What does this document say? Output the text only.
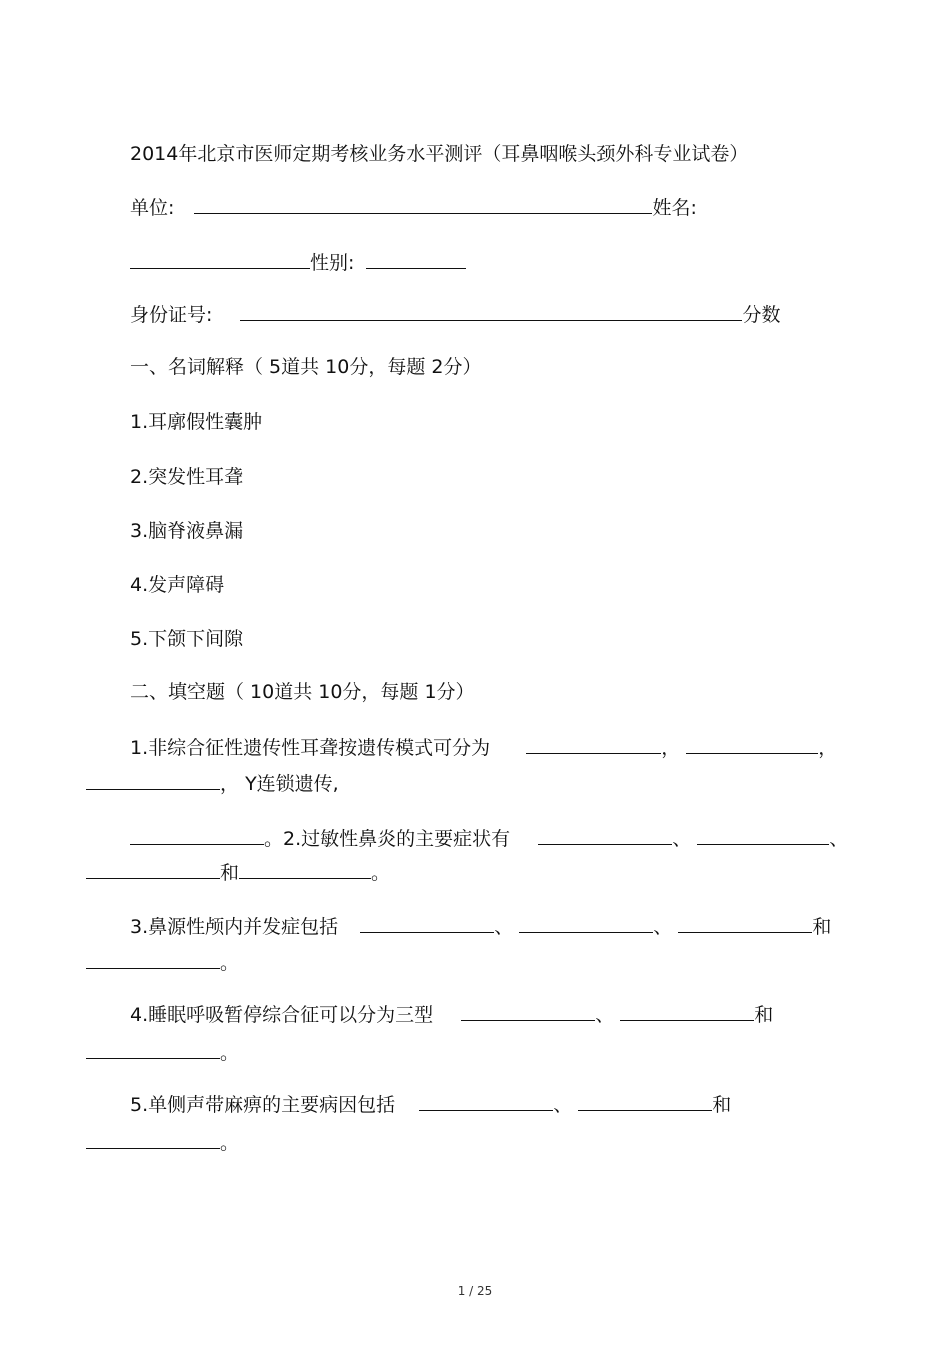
2014年北京市医师定期考核业务水平测评（耳鼻咽喉头颈外科专业试卷）
单位:	姓名:
性别:
身份证号:	分数
一、名词解释（ 5道共 10分，每题 2分）
1.耳廓假性囊肿
2.突发性耳聋
3.脑脊液鼻漏
4.发声障碍
5.下颌下间隙
二、填空题（ 10道共 10分，每题 1分）
1.非综合征性遗传性耳聋按遗传模式可分为	，	，
， Y连锁遗传,
。2.过敏性鼻炎的主要症状有	、	、
和	。
3.鼻源性颅内并发症包括	、	、	和
。
4.睡眠呼吸暂停综合征可以分为三型	、	和
。
5.单侧声带麻痹的主要病因包括	、	和
。
1 / 25
